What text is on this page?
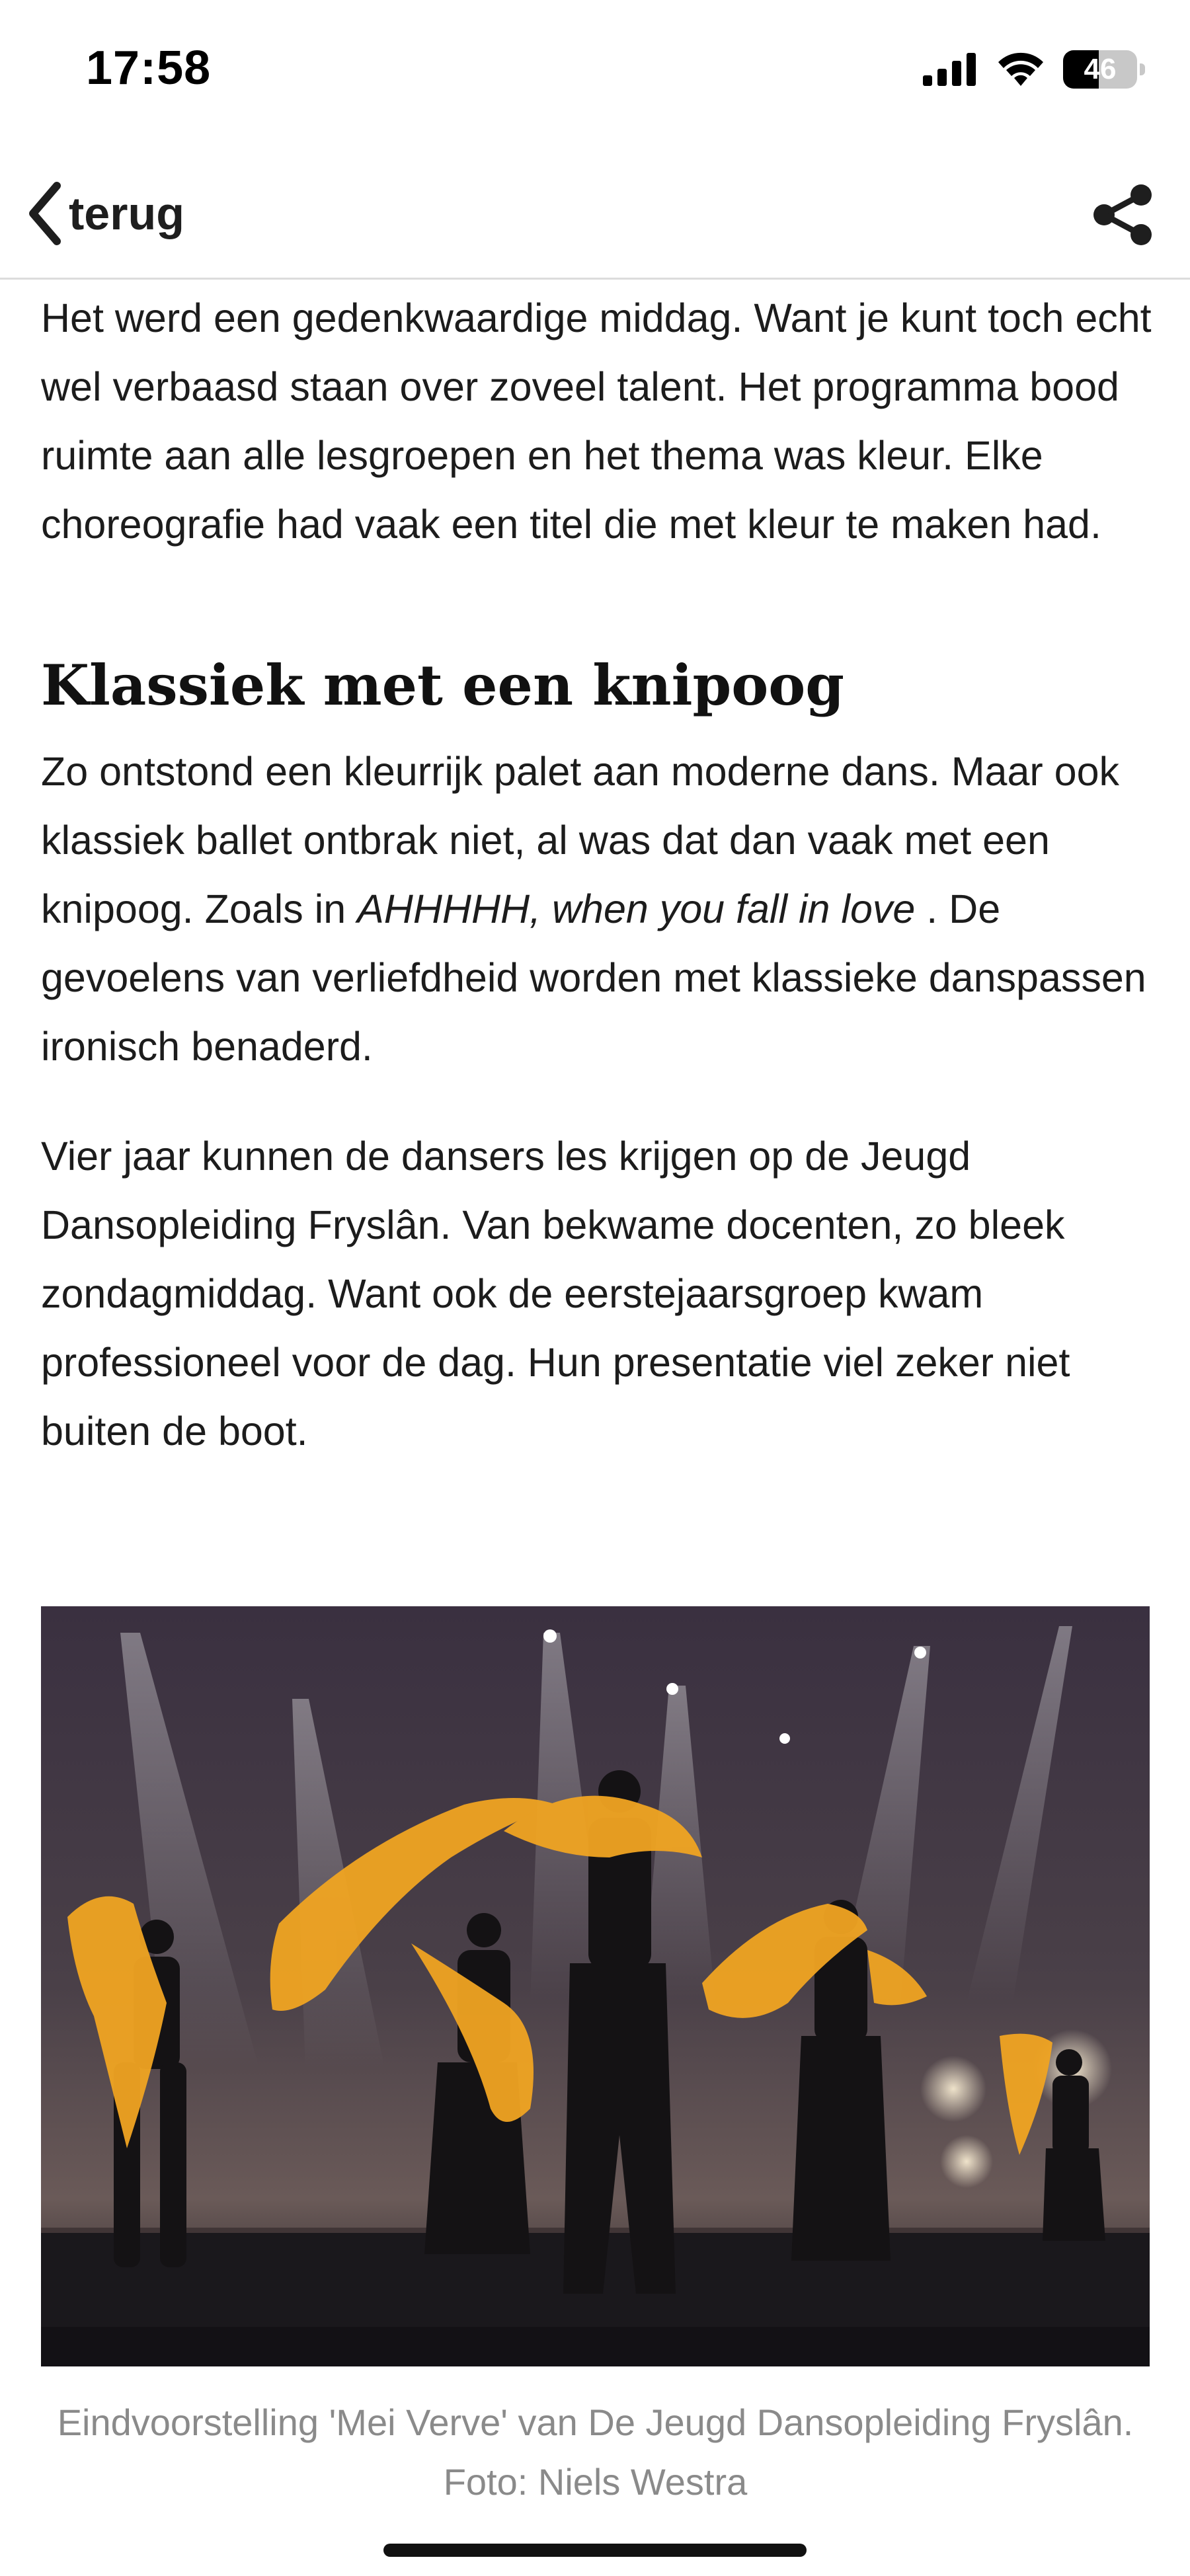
17:58	46
terug

Het werd een gedenkwaardige middag. Want je kunt toch echt wel verbaasd staan over zoveel talent. Het programma bood ruimte aan alle lesgroepen en het thema was kleur. Elke choreografie had vaak een titel die met kleur te maken had.

Klassiek met een knipoog

Zo ontstond een kleurrijk palet aan moderne dans. Maar ook klassiek ballet ontbrak niet, al was dat dan vaak met een knipoog. Zoals in AHHHHH, when you fall in love . De gevoelens van verliefdheid worden met klassieke danspassen ironisch benaderd.

Vier jaar kunnen de dansers les krijgen op de Jeugd Dansopleiding Fryslân. Van bekwame docenten, zo bleek zondagmiddag. Want ook de eerstejaarsgroep kwam professioneel voor de dag. Hun presentatie viel zeker niet buiten de boot.

Eindvoorstelling 'Mei Verve' van De Jeugd Dansopleiding Fryslân. Foto: Niels Westra
